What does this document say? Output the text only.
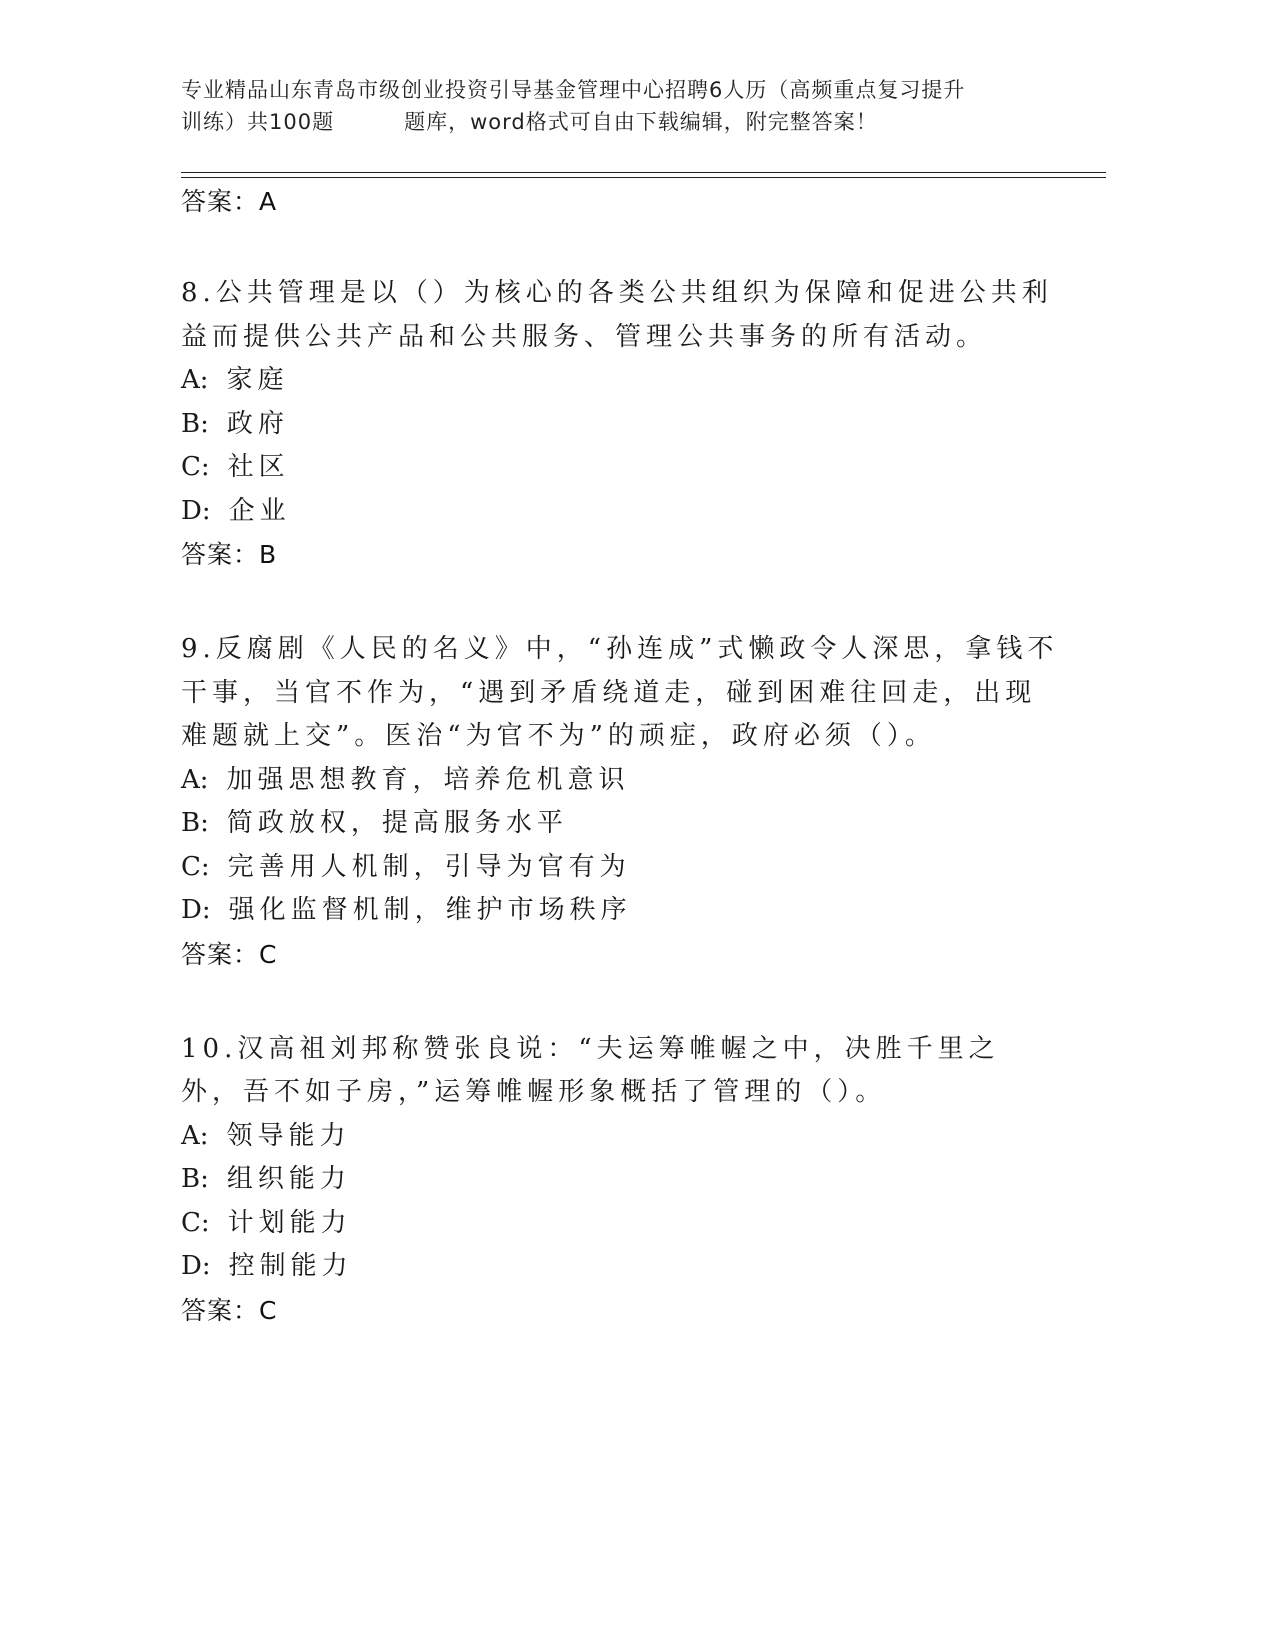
专业精品山东青岛市级创业投资引导基金管理中心招聘6人历（高频重点复习提升
训练）共100题	题库，word格式可自由下载编辑，附完整答案！
答案：A
8.公共管理是以（）为核心的各类公共组织为保障和促进公共利益而提供公共产品和公共服务、管理公共事务的所有活动。
A: 家庭
B: 政府
C: 社区
D: 企业
答案：B
9.反腐剧《人民的名义》中，“孙连成”式懒政令人深思，拿钱不干事，当官不作为，“遇到矛盾绕道走，碰到困难往回走，出现难题就上交”。医治“为官不为”的顽症，政府必须（）。
A: 加强思想教育，培养危机意识
B: 简政放权，提高服务水平
C: 完善用人机制，引导为官有为
D: 强化监督机制，维护市场秩序
答案：C
10.汉高祖刘邦称赞张良说：“夫运筹帷幄之中，决胜千里之外，吾不如子房，”运筹帷幄形象概括了管理的（）。
A: 领导能力
B: 组织能力
C: 计划能力
D: 控制能力
答案：C
